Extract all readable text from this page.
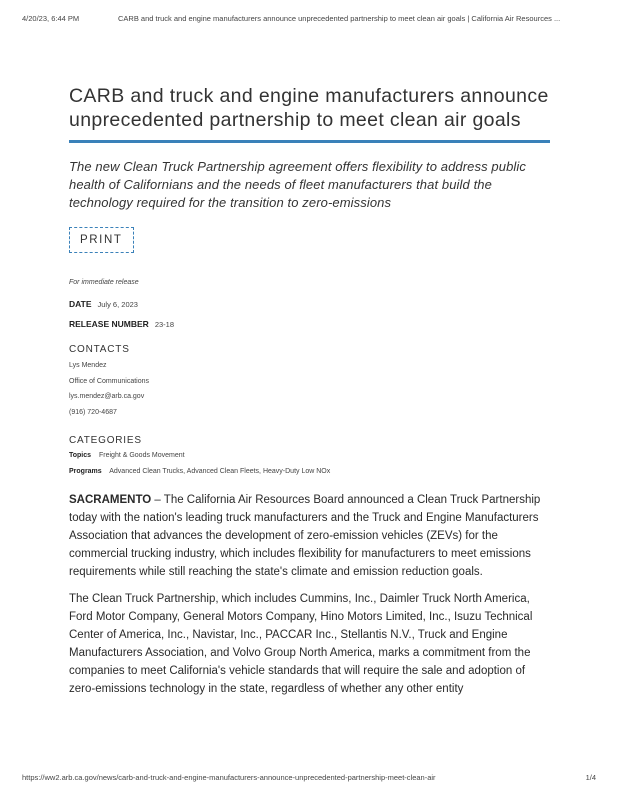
4/20/23, 6:44 PM	CARB and truck and engine manufacturers announce unprecedented partnership to meet clean air goals | California Air Resources ...
CARB and truck and engine manufacturers announce unprecedented partnership to meet clean air goals

The new Clean Truck Partnership agreement offers flexibility to address public health of Californians and the needs of fleet manufacturers that build the technology required for the transition to zero-emissions

PRINT
For immediate release
DATE July 6, 2023
RELEASE NUMBER 23-18
CONTACTS
Lys Mendez
Office of Communications
lys.mendez@arb.ca.gov
(916) 720-4687
CATEGORIES
Topics Freight & Goods Movement
Programs Advanced Clean Trucks, Advanced Clean Fleets, Heavy-Duty Low NOx

SACRAMENTO – The California Air Resources Board announced a Clean Truck Partnership today with the nation's leading truck manufacturers and the Truck and Engine Manufacturers Association that advances the development of zero-emission vehicles (ZEVs) for the commercial trucking industry, which includes flexibility for manufacturers to meet emissions requirements while still reaching the state's climate and emission reduction goals.

The Clean Truck Partnership, which includes Cummins, Inc., Daimler Truck North America, Ford Motor Company, General Motors Company, Hino Motors Limited, Inc., Isuzu Technical Center of America, Inc., Navistar, Inc., PACCAR Inc., Stellantis N.V., Truck and Engine Manufacturers Association, and Volvo Group North America, marks a commitment from the companies to meet California's vehicle standards that will require the sale and adoption of zero-emissions technology in the state, regardless of whether any other entity

https://ww2.arb.ca.gov/news/carb-and-truck-and-engine-manufacturers-announce-unprecedented-partnership-meet-clean-air	1/4
